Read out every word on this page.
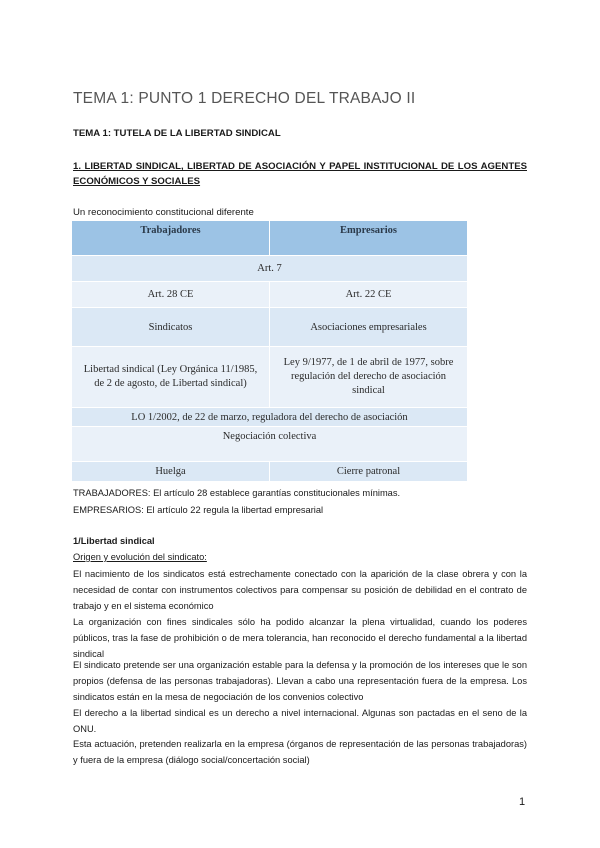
TEMA 1: PUNTO 1 DERECHO DEL TRABAJO II
TEMA 1: TUTELA DE LA LIBERTAD SINDICAL
1. LIBERTAD SINDICAL, LIBERTAD DE ASOCIACIÓN Y PAPEL INSTITUCIONAL DE LOS AGENTES ECONÓMICOS Y SOCIALES
Un reconocimiento constitucional diferente
Trabajadores	Empresarios
Art. 7	
Art. 28 CE	Art. 22 CE
Sindicatos	Asociaciones empresariales
Libertad sindical (Ley Orgánica 11/1985, de 2 de agosto, de Libertad sindical)	Ley 9/1977, de 1 de abril de 1977, sobre regulación del derecho de asociación sindical
LO 1/2002, de 22 de marzo, reguladora del derecho de asociación	
Negociación colectiva	
Huelga	Cierre patronal
TRABAJADORES: El artículo 28 establece garantías constitucionales mínimas.
EMPRESARIOS: El artículo 22 regula la libertad empresarial
1/Libertad sindical
Origen y evolución del sindicato:
El nacimiento de los sindicatos está estrechamente conectado con la aparición de la clase obrera y con la necesidad de contar con instrumentos colectivos para compensar su posición de debilidad en el contrato de trabajo y en el sistema económico
La organización con fines sindicales sólo ha podido alcanzar la plena virtualidad, cuando los poderes públicos, tras la fase de prohibición o de mera tolerancia, han reconocido el derecho fundamental a la libertad sindical
El sindicato pretende ser una organización estable para la defensa y la promoción de los intereses que le son propios (defensa de las personas trabajadoras). Llevan a cabo una representación fuera de la empresa. Los sindicatos están en la mesa de negociación de los convenios colectivo
El derecho a la libertad sindical es un derecho a nivel internacional. Algunas son pactadas en el seno de la ONU.
Esta actuación, pretenden realizarla en la empresa (órganos de representación de las personas trabajadoras) y fuera de la empresa (diálogo social/concertación social)
1
